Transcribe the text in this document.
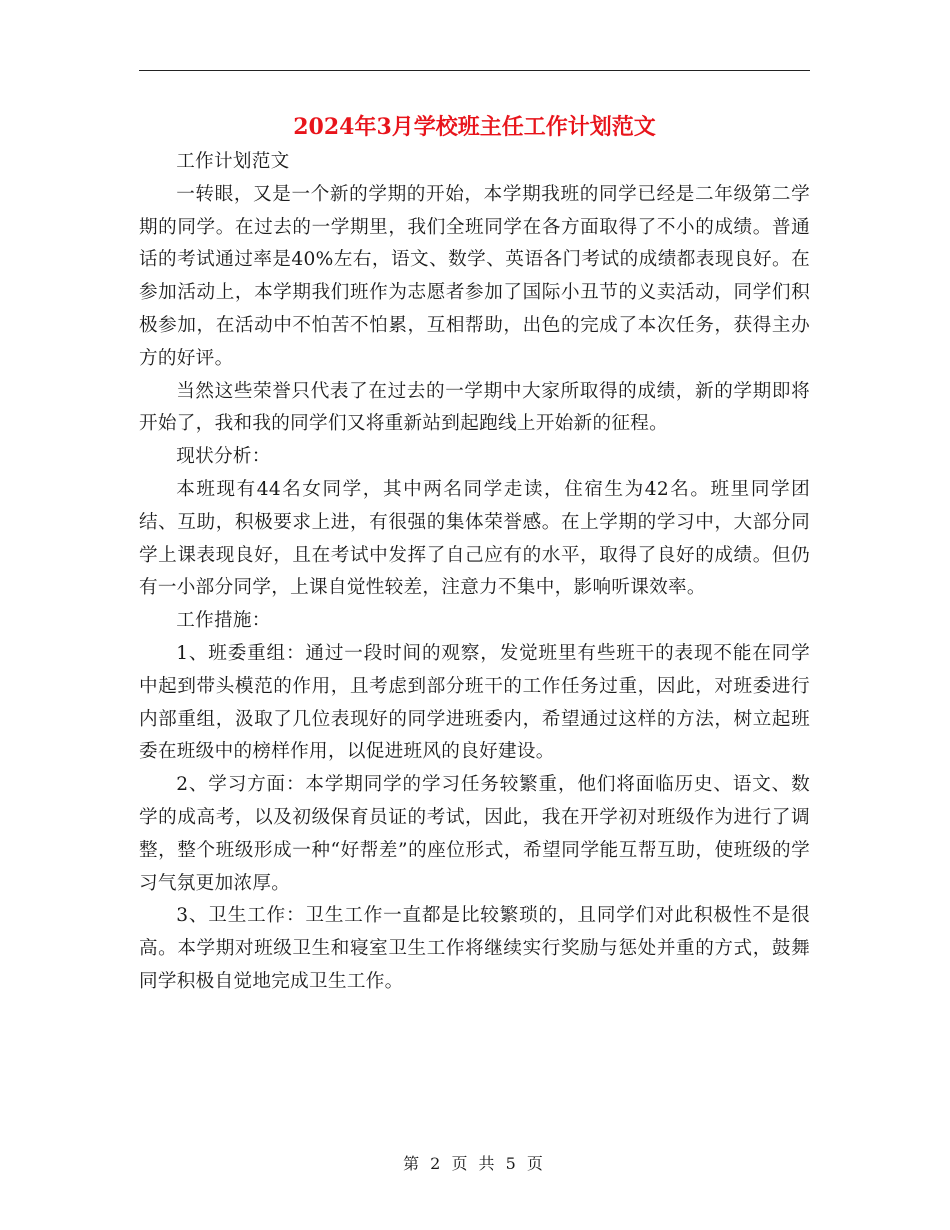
2024年3月学校班主任工作计划范文

工作计划范文

一转眼，又是一个新的学期的开始，本学期我班的同学已经是二年级第二学期的同学。在过去的一学期里，我们全班同学在各方面取得了不小的成绩。普通话的考试通过率是40%左右，语文、数学、英语各门考试的成绩都表现良好。在参加活动上，本学期我们班作为志愿者参加了国际小丑节的义卖活动，同学们积极参加，在活动中不怕苦不怕累，互相帮助，出色的完成了本次任务，获得主办方的好评。

当然这些荣誉只代表了在过去的一学期中大家所取得的成绩，新的学期即将开始了，我和我的同学们又将重新站到起跑线上开始新的征程。

现状分析：

本班现有44名女同学，其中两名同学走读，住宿生为42名。班里同学团结、互助，积极要求上进，有很强的集体荣誉感。在上学期的学习中，大部分同学上课表现良好，且在考试中发挥了自己应有的水平，取得了良好的成绩。但仍有一小部分同学，上课自觉性较差，注意力不集中，影响听课效率。

工作措施：

1、班委重组：通过一段时间的观察，发觉班里有些班干的表现不能在同学中起到带头模范的作用，且考虑到部分班干的工作任务过重，因此，对班委进行内部重组，汲取了几位表现好的同学进班委内，希望通过这样的方法，树立起班委在班级中的榜样作用，以促进班风的良好建设。

2、学习方面：本学期同学的学习任务较繁重，他们将面临历史、语文、数学的成高考，以及初级保育员证的考试，因此，我在开学初对班级作为进行了调整，整个班级形成一种“好帮差”的座位形式，希望同学能互帮互助，使班级的学习气氛更加浓厚。

3、卫生工作：卫生工作一直都是比较繁琐的，且同学们对此积极性不是很高。本学期对班级卫生和寝室卫生工作将继续实行奖励与惩处并重的方式，鼓舞同学积极自觉地完成卫生工作。

第 2 页 共 5 页
